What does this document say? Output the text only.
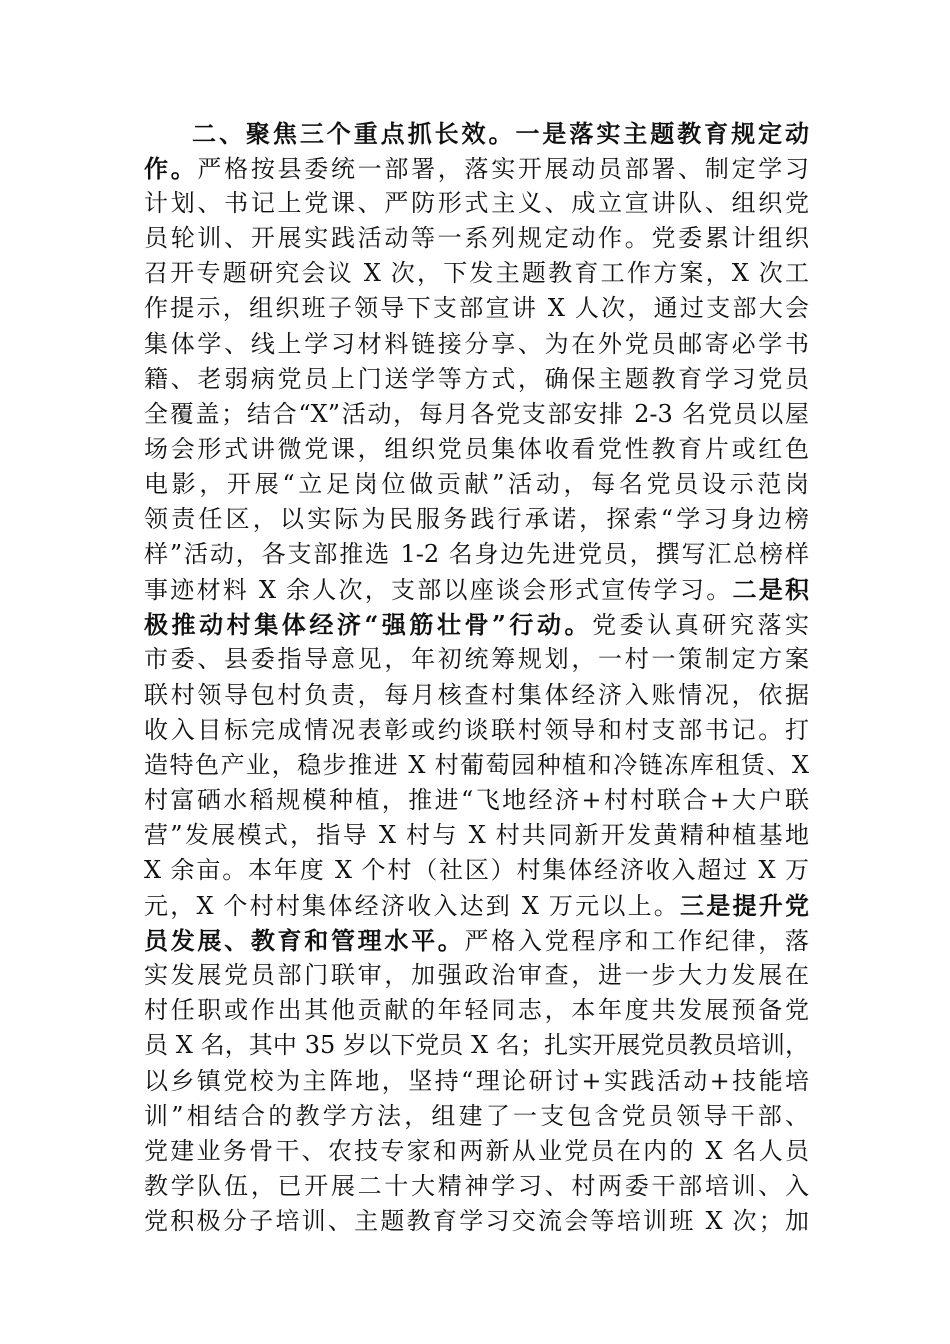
二、聚焦三个重点抓长效。一是落实主题教育规定动
作。严格按县委统一部署，落实开展动员部署、制定学习
计划、书记上党课、严防形式主义、成立宣讲队、组织党
员轮训、开展实践活动等一系列规定动作。党委累计组织
召开专题研究会议 X 次，下发主题教育工作方案，X 次工
作提示，组织班子领导下支部宣讲 X 人次，通过支部大会
集体学、线上学习材料链接分享、为在外党员邮寄必学书
籍、老弱病党员上门送学等方式，确保主题教育学习党员
全覆盖；结合“X”活动，每月各党支部安排 2-3 名党员以屋
场会形式讲微党课，组织党员集体收看党性教育片或红色
电影，开展“立足岗位做贡献”活动，每名党员设示范岗
领责任区，以实际为民服务践行承诺，探索“学习身边榜
样”活动，各支部推选 1-2 名身边先进党员，撰写汇总榜样
事迹材料 X 余人次，支部以座谈会形式宣传学习。二是积
极推动村集体经济“强筋壮骨”行动。党委认真研究落实
市委、县委指导意见，年初统筹规划，一村一策制定方案
联村领导包村负责，每月核查村集体经济入账情况，依据
收入目标完成情况表彰或约谈联村领导和村支部书记。打
造特色产业，稳步推进 X 村葡萄园种植和冷链冻库租赁、X
村富硒水稻规模种植，推进“飞地经济+村村联合+大户联
营”发展模式，指导 X 村与 X 村共同新开发黄精种植基地
X 余亩。本年度 X 个村（社区）村集体经济收入超过 X 万
元，X 个村村集体经济收入达到 X 万元以上。三是提升党
员发展、教育和管理水平。严格入党程序和工作纪律，落
实发展党员部门联审，加强政治审查，进一步大力发展在
村任职或作出其他贡献的年轻同志，本年度共发展预备党
员 X 名，其中 35 岁以下党员 X 名；扎实开展党员教员培训，
以乡镇党校为主阵地，坚持“理论研讨+实践活动+技能培
训”相结合的教学方法，组建了一支包含党员领导干部、
党建业务骨干、农技专家和两新从业党员在内的 X 名人员
教学队伍，已开展二十大精神学习、村两委干部培训、入
党积极分子培训、主题教育学习交流会等培训班 X 次；加
